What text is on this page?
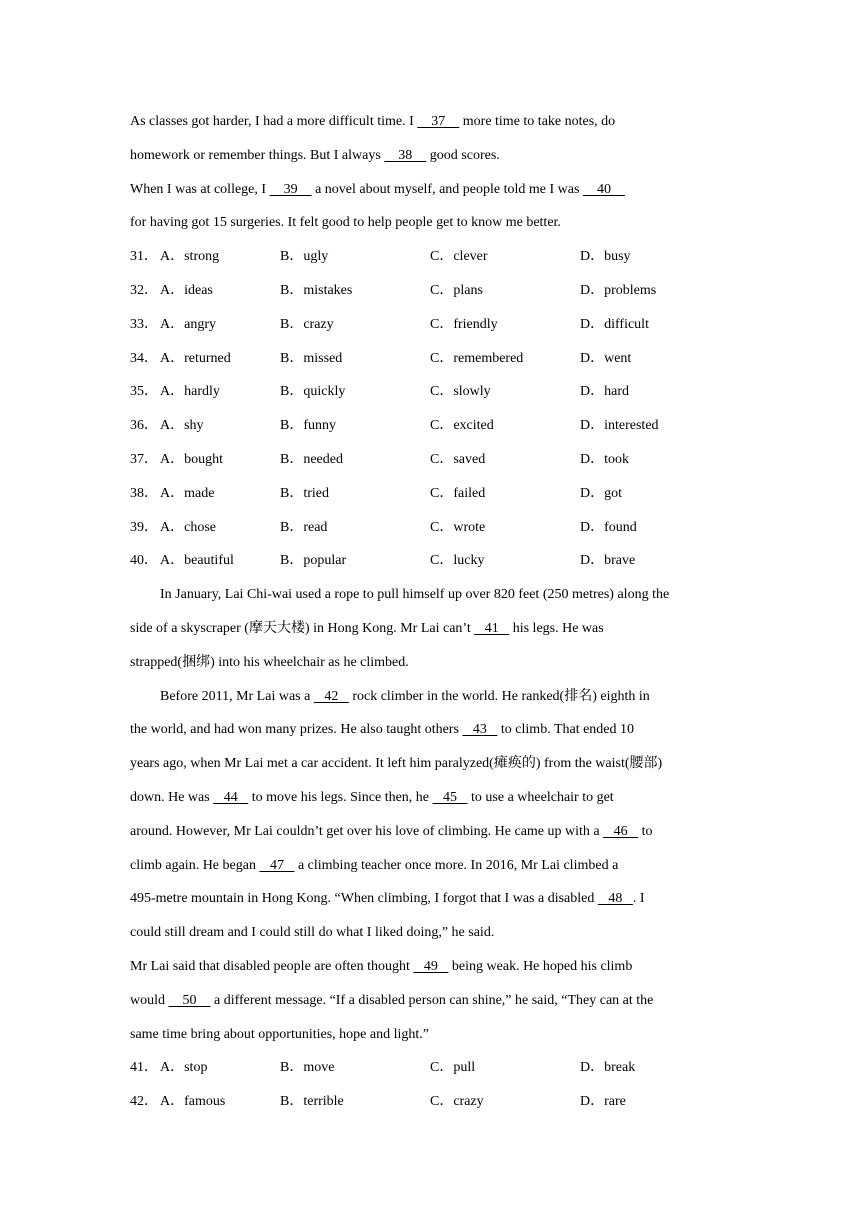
As classes got harder, I had a more difficult time. I     37     more time to take notes, do
homework or remember things. But I always     38     good scores.
When I was at college, I     39     a novel about myself, and people told me I was     40
for having got 15 surgeries. It felt good to help people get to know me better.
31． A．strong	B．ugly	C．clever	D．busy
32． A．ideas	B．mistakes	C．plans	D．problems
33． A．angry	B．crazy	C．friendly	D．difficult
34． A．returned	B．missed	C．remembered	D．went
35． A．hardly	B．quickly	C．slowly	D．hard
36． A．shy	B．funny	C．excited	D．interested
37． A．bought	B．needed	C．saved	D．took
38． A．made	B．tried	C．failed	D．got
39． A．chose	B．read	C．wrote	D．found
40． A．beautiful	B．popular	C．lucky	D．brave
In January, Lai Chi-wai used a rope to pull himself up over 820 feet (250 metres) along the
side of a skyscraper (摩天大楼) in Hong Kong. Mr Lai can’t    41    his legs. He was
strapped(捆绑) into his wheelchair as he climbed.
Before 2011, Mr Lai was a    42    rock climber in the world. He ranked(排名) eighth in
the world, and had won many prizes. He also taught others    43    to climb. That ended 10
years ago, when Mr Lai met a car accident. It left him paralyzed(瘫痪的) from the waist(腰部)
down. He was    44    to move his legs. Since then, he    45    to use a wheelchair to get
around. However, Mr Lai couldn’t get over his love of climbing. He came up with a    46    to
climb again. He began    47    a climbing teacher once more. In 2016, Mr Lai climbed a
495-metre mountain in Hong Kong. “When climbing, I forgot that I was a disabled    48   . I
could still dream and I could still do what I liked doing,” he said.
Mr Lai said that disabled people are often thought    49    being weak. He hoped his climb
would     50     a different message. “If a disabled person can shine,” he said, “They can at the
same time bring about opportunities, hope and light.”
41． A．stop	B．move	C．pull	D．break
42． A．famous	B．terrible	C．crazy	D．rare
